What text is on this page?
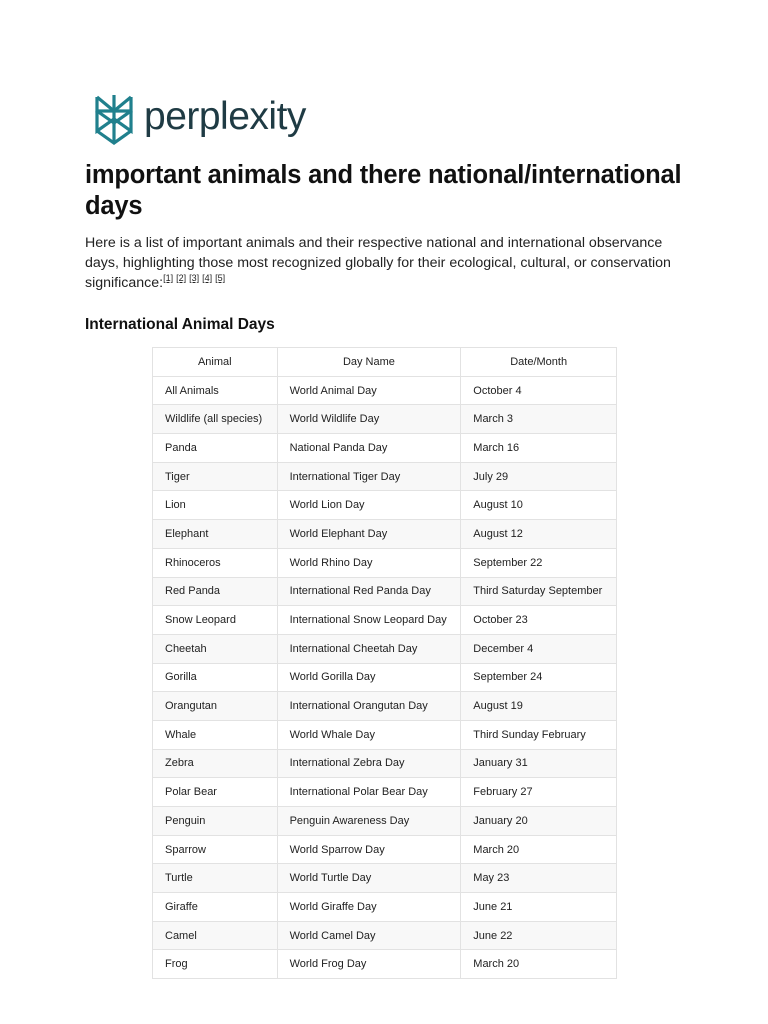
perplexity
important animals and there national/international days

Here is a list of important animals and their respective national and international observance days, highlighting those most recognized globally for their ecological, cultural, or conservation significance:[1] [2] [3] [4] [5]

International Animal Days
Animal	Day Name	Date/Month
All Animals	World Animal Day	October 4
Wildlife (all species)	World Wildlife Day	March 3
Panda	National Panda Day	March 16
Tiger	International Tiger Day	July 29
Lion	World Lion Day	August 10
Elephant	World Elephant Day	August 12
Rhinoceros	World Rhino Day	September 22
Red Panda	International Red Panda Day	Third Saturday September
Snow Leopard	International Snow Leopard Day	October 23
Cheetah	International Cheetah Day	December 4
Gorilla	World Gorilla Day	September 24
Orangutan	International Orangutan Day	August 19
Whale	World Whale Day	Third Sunday February
Zebra	International Zebra Day	January 31
Polar Bear	International Polar Bear Day	February 27
Penguin	Penguin Awareness Day	January 20
Sparrow	World Sparrow Day	March 20
Turtle	World Turtle Day	May 23
Giraffe	World Giraffe Day	June 21
Camel	World Camel Day	June 22
Frog	World Frog Day	March 20
